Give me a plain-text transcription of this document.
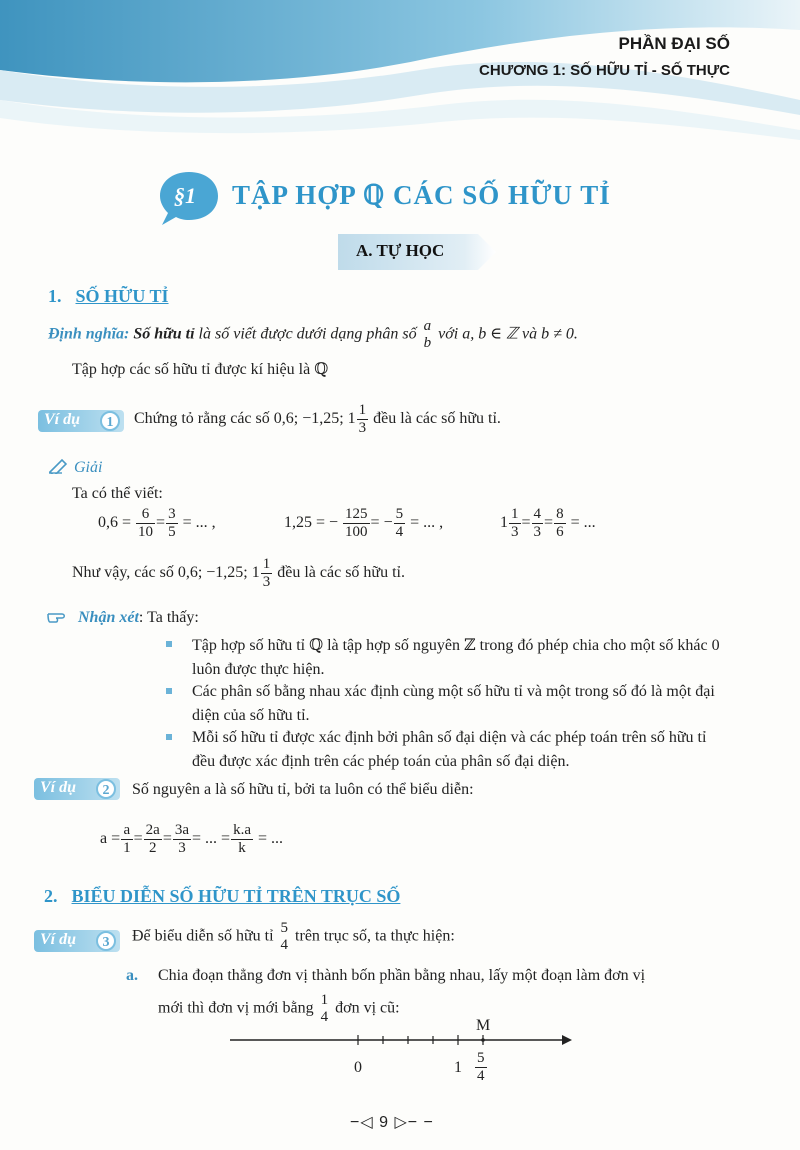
PHẦN ĐẠI SỐ
CHƯƠNG 1: SỐ HỮU TỈ - SỐ THỰC
§1 TẬP HỢP ℚ CÁC SỐ HỮU TỈ
A. TỰ HỌC
1. SỐ HỮU TỈ
Định nghĩa: Số hữu tỉ là số viết được dưới dạng phân số a
b
với a, b ∈ ℤ và b ≠ 0.
Tập hợp các số hữu tỉ được kí hiệu là ℚ
Ví dụ	1	Chứng tỏ rằng các số 0,6; −1,25; $1 \frac{1}{3}$ đều là các số hữu tỉ.
Giải
Ta có thể viết:
$0,6 = \frac{6}{10} = \frac{3}{5}$ = ... ,	1,25 = − $\frac{125}{100}$ = − $\frac{5}{4}$ = ... ,	$1 \frac{1}{3} = \frac{4}{3} = \frac{8}{6}$ = ...
Như vậy, các số 0,6; −1,25; $1 \frac{1}{3}$ đều là các số hữu tỉ.
Nhận xét: Ta thấy:
Tập hợp số hữu tỉ ℚ là tập hợp số nguyên ℤ trong đó phép chia cho một số khác 0 luôn được thực hiện.
Các phân số bằng nhau xác định cùng một số hữu tỉ và một trong số đó là một đại diện của số hữu tỉ.
Mỗi số hữu tỉ được xác định bởi phân số đại diện và các phép toán trên số hữu tỉ đều được xác định trên các phép toán của phân số đại diện.
Ví dụ	2	Số nguyên a là số hữu tỉ, bởi ta luôn có thể biểu diễn:
$a = \frac{a}{1} = \frac{2a}{2} = \frac{3a}{3}$ = ... = $\frac{k.a}{k}$ = ...
2. BIỂU DIỄN SỐ HỮU TỈ TRÊN TRỤC SỐ
Ví dụ	3	Để biểu diễn số hữu tỉ 5
4
trên trục số, ta thực hiện:
a. Chia đoạn thẳng đơn vị thành bốn phần bằng nhau, lấy một đoạn làm đơn vị
mới thì đơn vị mới bằng 1
4
đơn vị cũ:
M
0	$1 \frac{5}{4}$
−◁ 9 ▷− −
